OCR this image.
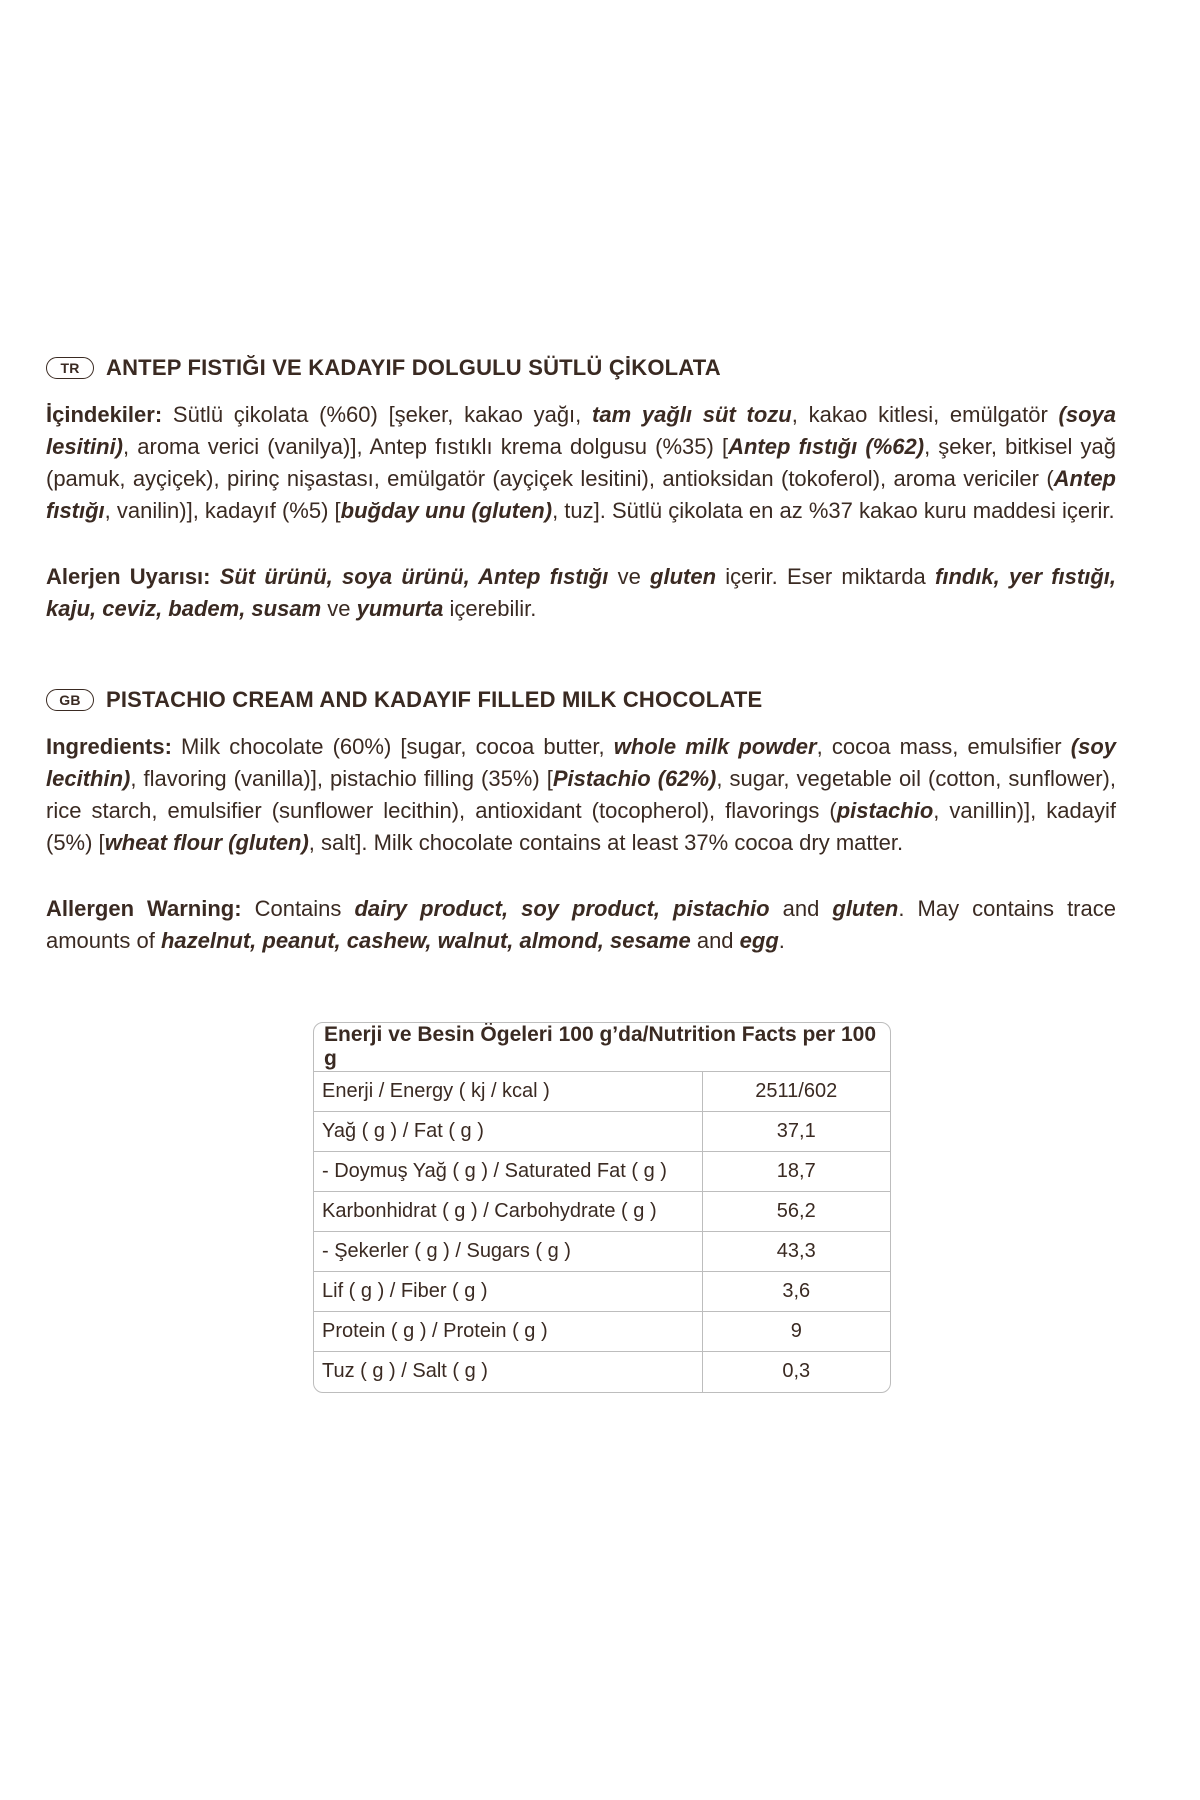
TR	ANTEP FISTIĞI VE KADAYIF DOLGULU SÜTLÜ ÇİKOLATA
İçindekiler: Sütlü çikolata (%60) [şeker, kakao yağı, tam yağlı süt tozu, kakao kitlesi, emülgatör (soya lesitini), aroma verici (vanilya)], Antep fıstıklı krema dolgusu (%35) [Antep fıstığı (%62), şeker, bitkisel yağ (pamuk, ayçiçek), pirinç nişastası, emülgatör (ayçiçek lesitini), antioksidan (tokoferol), aroma vericiler (Antep fıstığı, vanilin)], kadayıf (%5) [buğday unu (gluten), tuz]. Sütlü çikolata en az %37 kakao kuru maddesi içerir.
Alerjen Uyarısı: Süt ürünü, soya ürünü, Antep fıstığı ve gluten içerir. Eser miktarda fındık, yer fıstığı, kaju, ceviz, badem, susam ve yumurta içerebilir.
GB	PISTACHIO CREAM AND KADAYIF FILLED MILK CHOCOLATE
Ingredients: Milk chocolate (60%) [sugar, cocoa butter, whole milk powder, cocoa mass, emulsifier (soy lecithin), flavoring (vanilla)], pistachio filling (35%) [Pistachio (62%), sugar, vegetable oil (cotton, sunflower), rice starch, emulsifier (sunflower lecithin), antioxidant (tocopherol), flavorings (pistachio, vanillin)], kadayif (5%) [wheat flour (gluten), salt]. Milk chocolate contains at least 37% cocoa dry matter.
Allergen Warning: Contains dairy product, soy product, pistachio and gluten. May contains trace amounts of hazelnut, peanut, cashew, walnut, almond, sesame and egg.
Enerji ve Besin Ögeleri 100 g’da/Nutrition Facts per 100 g	
Enerji / Energy ( kj / kcal )	2511/602
Yağ ( g ) / Fat ( g )	37,1
- Doymuş Yağ ( g ) / Saturated Fat ( g )	18,7
Karbonhidrat ( g ) / Carbohydrate ( g )	56,2
- Şekerler ( g ) / Sugars ( g )	43,3
Lif ( g ) / Fiber ( g )	3,6
Protein ( g ) / Protein ( g )	9
Tuz ( g ) / Salt ( g )	0,3
